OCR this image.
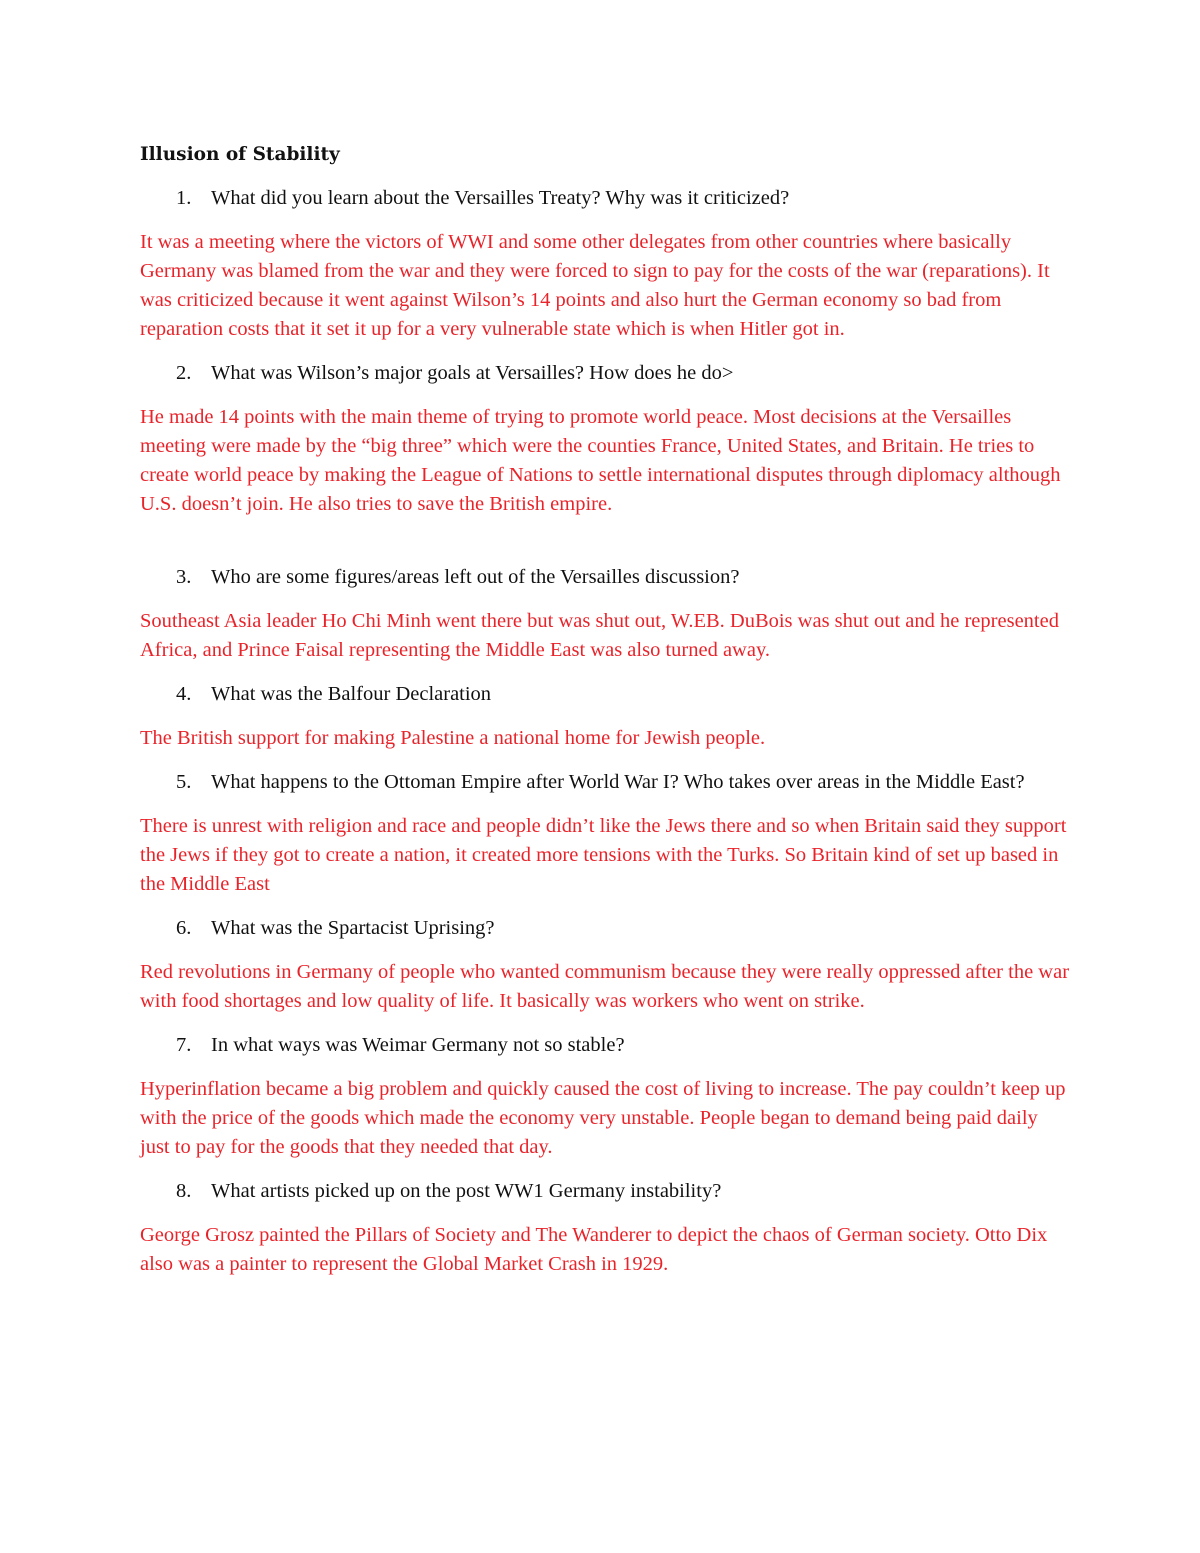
Illusion of Stability
1. What did you learn about the Versailles Treaty? Why was it criticized?
It was a meeting where the victors of WWI and some other delegates from other countries where basically Germany was blamed from the war and they were forced to sign to pay for the costs of the war (reparations). It was criticized because it went against Wilson’s 14 points and also hurt the German economy so bad from reparation costs that it set it up for a very vulnerable state which is when Hitler got in.
2. What was Wilson’s major goals at Versailles? How does he do>
He made 14 points with the main theme of trying to promote world peace. Most decisions at the Versailles meeting were made by the “big three” which were the counties France, United States, and Britain. He tries to create world peace by making the League of Nations to settle international disputes through diplomacy although U.S. doesn’t join. He also tries to save the British empire.
3. Who are some figures/areas left out of the Versailles discussion?
Southeast Asia leader Ho Chi Minh went there but was shut out, W.EB. DuBois was shut out and he represented Africa, and Prince Faisal representing the Middle East was also turned away.
4. What was the Balfour Declaration
The British support for making Palestine a national home for Jewish people.
5. What happens to the Ottoman Empire after World War I? Who takes over areas in the Middle East?
There is unrest with religion and race and people didn’t like the Jews there and so when Britain said they support the Jews if they got to create a nation, it created more tensions with the Turks. So Britain kind of set up based in the Middle East
6. What was the Spartacist Uprising?
Red revolutions in Germany of people who wanted communism because they were really oppressed after the war with food shortages and low quality of life. It basically was workers who went on strike.
7. In what ways was Weimar Germany not so stable?
Hyperinflation became a big problem and quickly caused the cost of living to increase. The pay couldn’t keep up with the price of the goods which made the economy very unstable. People began to demand being paid daily just to pay for the goods that they needed that day.
8. What artists picked up on the post WW1 Germany instability?
George Grosz painted the Pillars of Society and The Wanderer to depict the chaos of German society. Otto Dix also was a painter to represent the Global Market Crash in 1929.
